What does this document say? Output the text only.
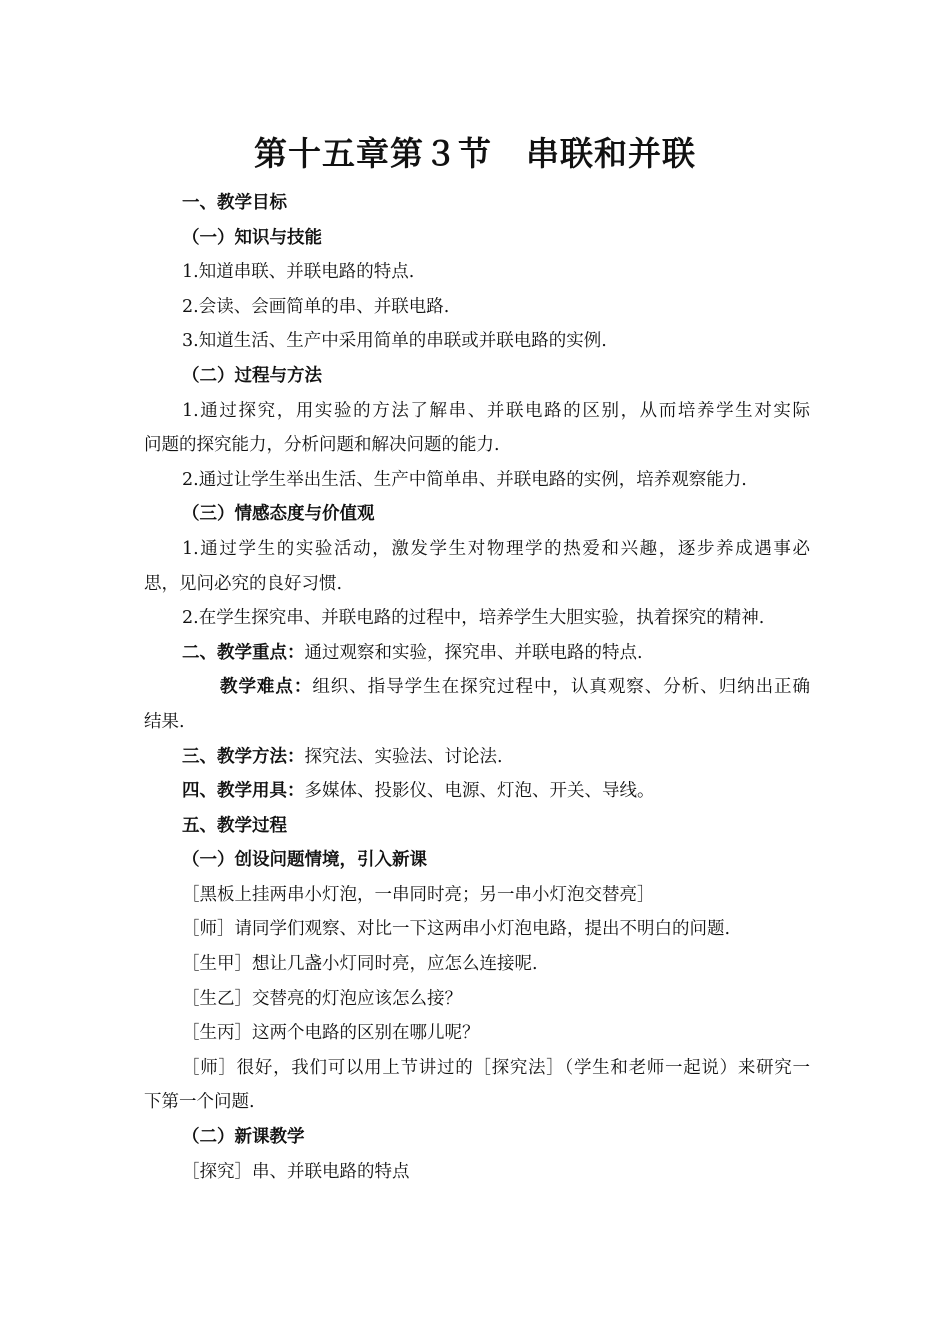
第十五章第３节　串联和并联
一、教学目标
（一）知识与技能
1.知道串联、并联电路的特点.
2.会读、会画简单的串、并联电路.
3.知道生活、生产中采用简单的串联或并联电路的实例.
（二）过程与方法
1.通过探究，用实验的方法了解串、并联电路的区别，从而培养学生对实际
问题的探究能力，分析问题和解决问题的能力.
2.通过让学生举出生活、生产中简单串、并联电路的实例，培养观察能力.
（三）情感态度与价值观
1.通过学生的实验活动，激发学生对物理学的热爱和兴趣，逐步养成遇事必
思，见问必究的良好习惯.
2.在学生探究串、并联电路的过程中，培养学生大胆实验，执着探究的精神.
二、教学重点：通过观察和实验，探究串、并联电路的特点.
教学难点：组织、指导学生在探究过程中，认真观察、分析、归纳出正确
结果.
三、教学方法：探究法、实验法、讨论法.
四、教学用具：多媒体、投影仪、电源、灯泡、开关、导线。
五、教学过程
（一）创设问题情境，引入新课
［黑板上挂两串小灯泡，一串同时亮；另一串小灯泡交替亮］
［师］请同学们观察、对比一下这两串小灯泡电路，提出不明白的问题.
［生甲］想让几盏小灯同时亮，应怎么连接呢.
［生乙］交替亮的灯泡应该怎么接？
［生丙］这两个电路的区别在哪儿呢？
［师］很好，我们可以用上节讲过的［探究法］（学生和老师一起说）来研究一
下第一个问题.
（二）新课教学
［探究］串、并联电路的特点
